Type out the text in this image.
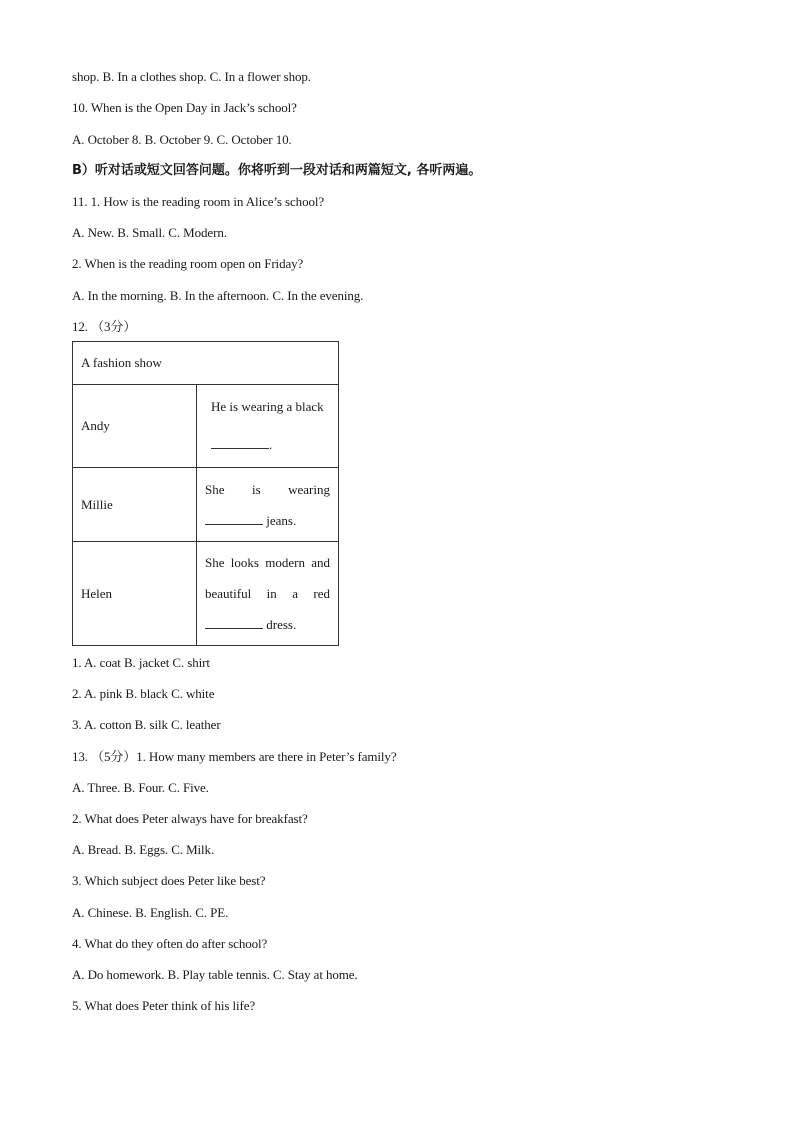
shop. B. In a clothes shop. C. In a flower shop.
10. When is the Open Day in Jack’s school?
A. October 8. B. October 9. C. October 10.
B）听对话或短文回答问题。你将听到一段对话和两篇短文, 各听两遍。
11. 1. How is the reading room in Alice’s school?
A. New. B. Small. C. Modern.
2. When is the reading room open on Friday?
A. In the morning. B. In the afternoon. C. In the evening.
12. （3分）
A fashion show	
Andy	He is wearing a black
.

Millie	She is wearing
jeans.

Helen	She looks modern and beautiful in a red
dress.
1. A. coat B. jacket C. shirt
2. A. pink B. black C. white
3. A. cotton B. silk C. leather
13. （5分）1. How many members are there in Peter’s family?
A. Three. B. Four. C. Five.
2. What does Peter always have for breakfast?
A. Bread. B. Eggs. C. Milk.
3. Which subject does Peter like best?
A. Chinese. B. English. C. PE.
4. What do they often do after school?
A. Do homework. B. Play table tennis. C. Stay at home.
5. What does Peter think of his life?
